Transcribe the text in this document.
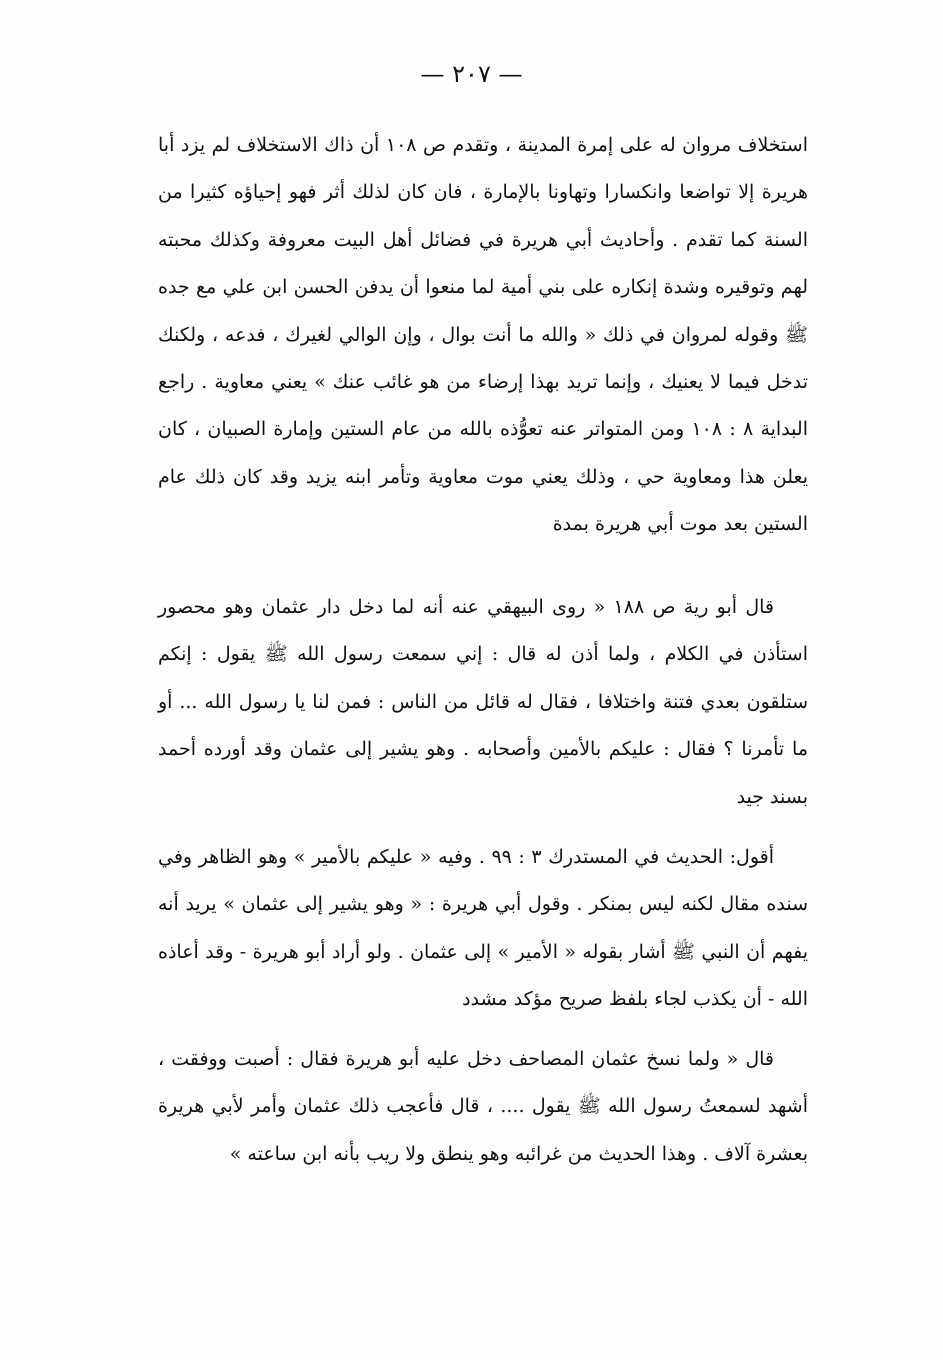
— ٢٠٧ —

استخلاف مروان له على إمرة المدينة ، وتقدم ص ١٠٨ أن ذاك الاستخلاف لم يزد أبا هريرة إلا تواضعا وانكسارا وتهاونا بالإمارة ، فان كان لذلك أثر فهو إحياؤه كثيرا من السنة كما تقدم . وأحاديث أبي هريرة في فضائل أهل البيت معروفة وكذلك محبته لهم وتوقيره وشدة إنكاره على بني أمية لما منعوا أن يدفن الحسن ابن علي مع جده ﷺ وقوله لمروان في ذلك « والله ما أنت بوال ، وإن الوالي لغيرك ، فدعه ، ولكنك تدخل فيما لا يعنيك ، وإنما تريد بهذا إرضاء من هو غائب عنك » يعني معاوية . راجع البداية ٨ : ١٠٨ ومن المتواتر عنه تعوُّذه بالله من عام الستين وإمارة الصبيان ، كان يعلن هذا ومعاوية حي ، وذلك يعني موت معاوية وتأمر ابنه يزيد وقد كان ذلك عام الستين بعد موت أبي هريرة بمدة

قال أبو رية ص ١٨٨ « روى البيهقي عنه أنه لما دخل دار عثمان وهو محصور استأذن في الكلام ، ولما أذن له قال : إني سمعت رسول الله ﷺ يقول : إنكم ستلقون بعدي فتنة واختلافا ، فقال له قائل من الناس : فمن لنا يا رسول الله ... أو ما تأمرنا ؟ فقال : عليكم بالأمين وأصحابه . وهو يشير إلى عثمان وقد أورده أحمد بسند جيد

أقول: الحديث في المستدرك ٣ : ٩٩ . وفيه « عليكم بالأمير » وهو الظاهر وفي سنده مقال لكنه ليس بمنكر . وقول أبي هريرة : « وهو يشير إلى عثمان » يريد أنه يفهم أن النبي ﷺ أشار بقوله « الأمير » إلى عثمان . ولو أراد أبو هريرة - وقد أعاذه الله - أن يكذب لجاء بلفظ صريح مؤكد مشدد

قال « ولما نسخ عثمان المصاحف دخل عليه أبو هريرة فقال : أصبت ووفقت ، أشهد لسمعتُ رسول الله ﷺ يقول .... ، قال فأعجب ذلك عثمان وأمر لأبي هريرة بعشرة آلاف . وهذا الحديث من غرائبه وهو ينطق ولا ريب بأنه ابن ساعته »
